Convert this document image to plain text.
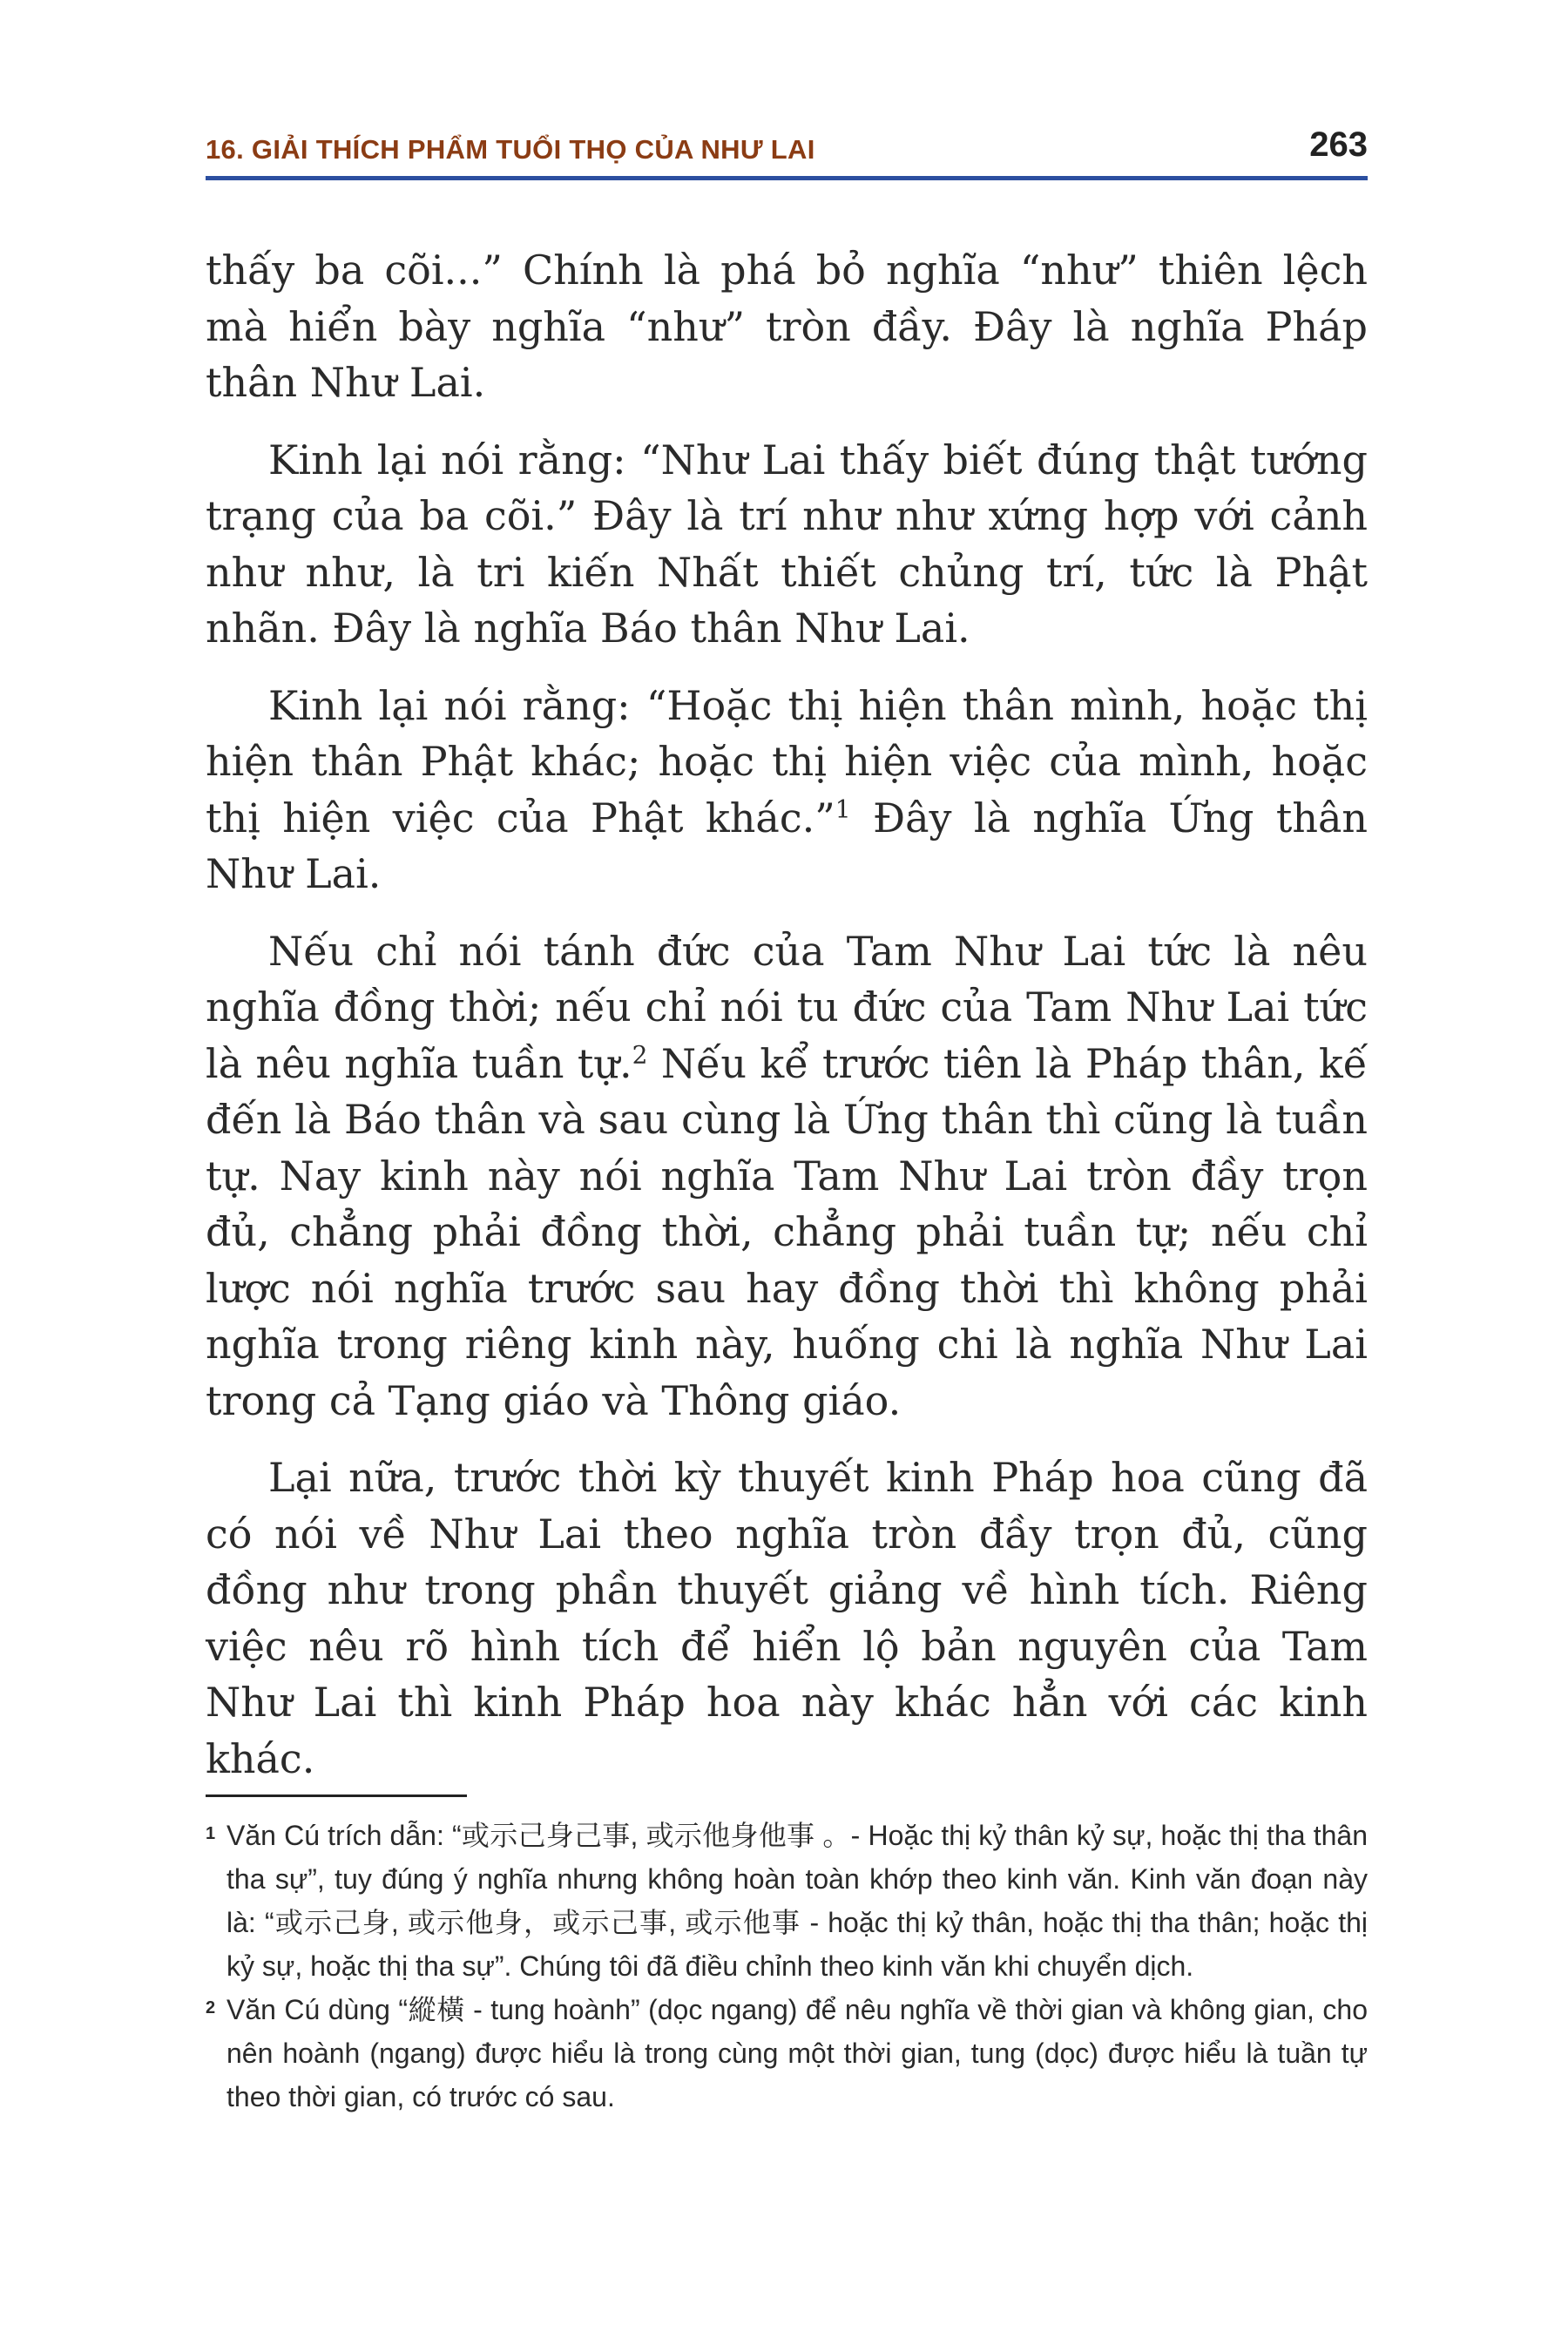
16. GIẢI THÍCH PHẨM TUỔI THỌ CỦA NHƯ LAI	263

thấy ba cõi...” Chính là phá bỏ nghĩa “như” thiên lệch mà hiển bày nghĩa “như” tròn đầy. Đây là nghĩa Pháp thân Như Lai.

Kinh lại nói rằng: “Như Lai thấy biết đúng thật tướng trạng của ba cõi.” Đây là trí như như xứng hợp với cảnh như như, là tri kiến Nhất thiết chủng trí, tức là Phật nhãn. Đây là nghĩa Báo thân Như Lai.

Kinh lại nói rằng: “Hoặc thị hiện thân mình, hoặc thị hiện thân Phật khác; hoặc thị hiện việc của mình, hoặc thị hiện việc của Phật khác.”$^1$ Đây là nghĩa Ứng thân Như Lai.

Nếu chỉ nói tánh đức của Tam Như Lai tức là nêu nghĩa đồng thời; nếu chỉ nói tu đức của Tam Như Lai tức là nêu nghĩa tuần tự.$^2$ Nếu kể trước tiên là Pháp thân, kế đến là Báo thân và sau cùng là Ứng thân thì cũng là tuần tự. Nay kinh này nói nghĩa Tam Như Lai tròn đầy trọn đủ, chẳng phải đồng thời, chẳng phải tuần tự; nếu chỉ lược nói nghĩa trước sau hay đồng thời thì không phải nghĩa trong riêng kinh này, huống chi là nghĩa Như Lai trong cả Tạng giáo và Thông giáo.

Lại nữa, trước thời kỳ thuyết kinh Pháp hoa cũng đã có nói về Như Lai theo nghĩa tròn đầy trọn đủ, cũng đồng như trong phần thuyết giảng về hình tích. Riêng việc nêu rõ hình tích để hiển lộ bản nguyên của Tam Như Lai thì kinh Pháp hoa này khác hẳn với các kinh khác.

1 Văn Cú trích dẫn: “或示己身己事, 或示他身他事 。- Hoặc thị kỷ thân kỷ sự, hoặc thị tha thân tha sự”, tuy đúng ý nghĩa nhưng không hoàn toàn khớp theo kinh văn. Kinh văn đoạn này là: “或示己身, 或示他身，或示己事, 或示他事 - hoặc thị kỷ thân, hoặc thị tha thân; hoặc thị kỷ sự, hoặc thị tha sự”. Chúng tôi đã điều chỉnh theo kinh văn khi chuyển dịch.

2 Văn Cú dùng “縱橫 - tung hoành” (dọc ngang) để nêu nghĩa về thời gian và không gian, cho nên hoành (ngang) được hiểu là trong cùng một thời gian, tung (dọc) được hiểu là tuần tự theo thời gian, có trước có sau.
